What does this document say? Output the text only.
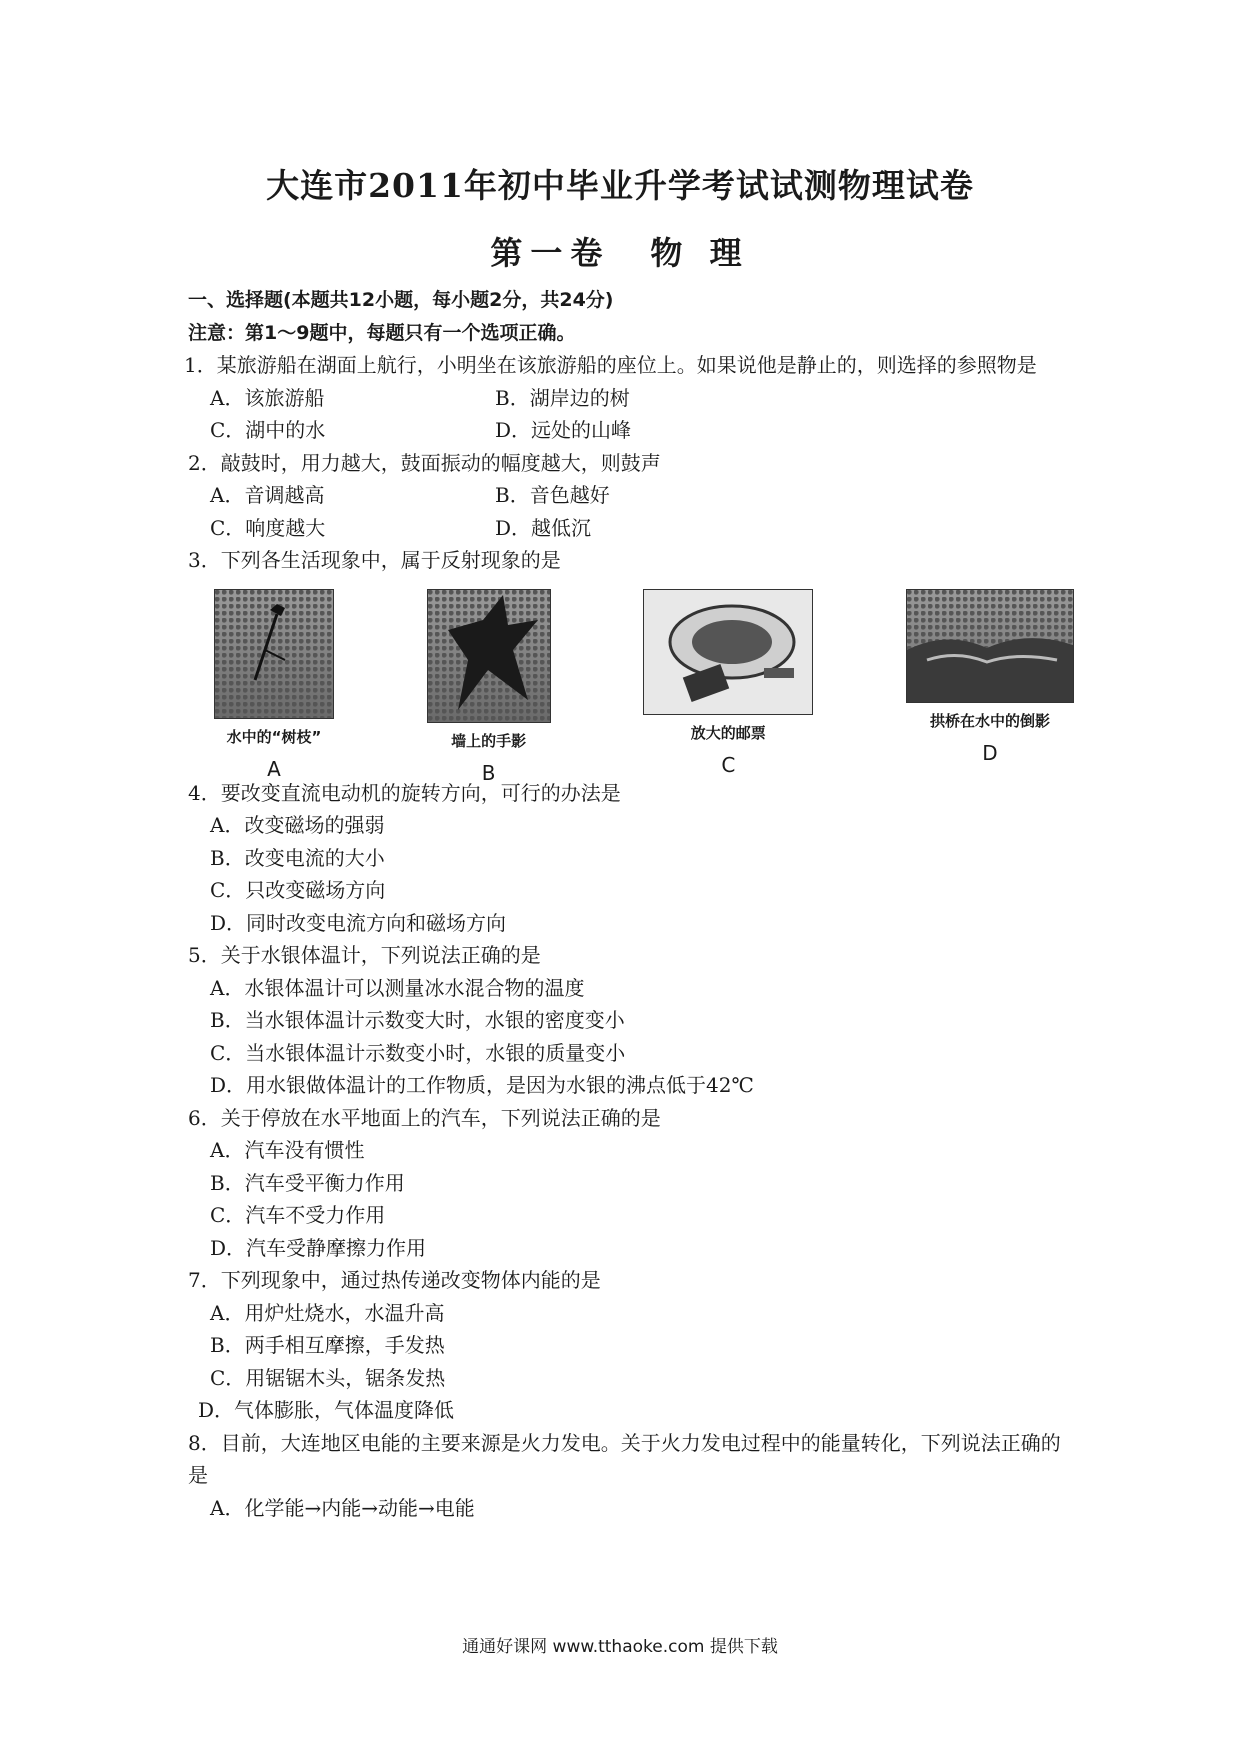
大连市2011年初中毕业升学考试试测物理试卷
第一卷　物 理
一、选择题(本题共12小题，每小题2分，共24分)
注意：第1～9题中，每题只有一个选项正确。
1．某旅游船在湖面上航行，小明坐在该旅游船的座位上。如果说他是静止的，则选择的参照物是
A．该旅游船	B．湖岸边的树
C．湖中的水	D．远处的山峰
2．敲鼓时，用力越大，鼓面振动的幅度越大，则鼓声
A．音调越高	B．音色越好
C．响度越大	D．越低沉
3．下列各生活现象中，属于反射现象的是
水中的“树枝”
A
墙上的手影
B
放大的邮票
C
拱桥在水中的倒影
D
4．要改变直流电动机的旋转方向，可行的办法是
A．改变磁场的强弱
B．改变电流的大小
C．只改变磁场方向
D．同时改变电流方向和磁场方向
5．关于水银体温计，下列说法正确的是
A．水银体温计可以测量冰水混合物的温度
B．当水银体温计示数变大时，水银的密度变小
C．当水银体温计示数变小时，水银的质量变小
D．用水银做体温计的工作物质，是因为水银的沸点低于42℃
6．关于停放在水平地面上的汽车，下列说法正确的是
A．汽车没有惯性
B．汽车受平衡力作用
C．汽车不受力作用
D．汽车受静摩擦力作用
7．下列现象中，通过热传递改变物体内能的是
A．用炉灶烧水，水温升高
B．两手相互摩擦，手发热
C．用锯锯木头，锯条发热
D．气体膨胀，气体温度降低
8．目前，大连地区电能的主要来源是火力发电。关于火力发电过程中的能量转化，下列说法正确的是
A．化学能→内能→动能→电能
通通好课网 www.tthaoke.com 提供下载
